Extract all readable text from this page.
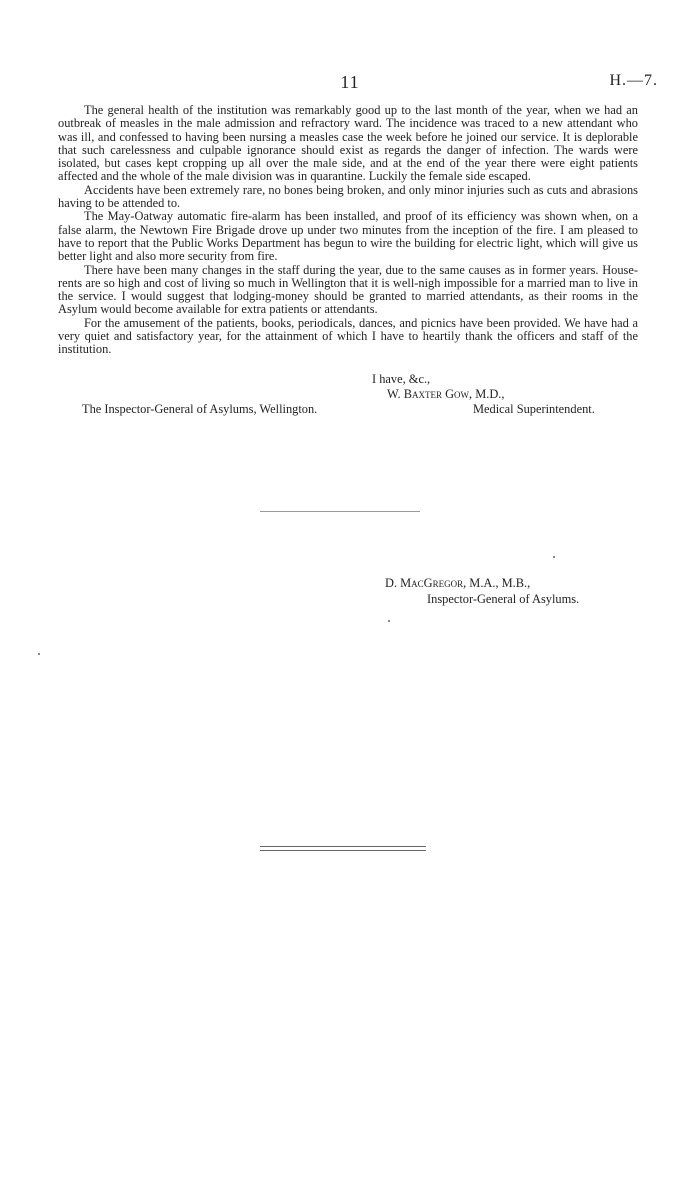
11	H.—7.

The general health of the institution was remarkably good up to the last month of the year, when we had an outbreak of measles in the male admission and refractory ward. The incidence was traced to a new attendant who was ill, and confessed to having been nursing a measles case the week before he joined our service. It is deplorable that such carelessness and culpable ignorance should exist as regards the danger of infection. The wards were isolated, but cases kept cropping up all over the male side, and at the end of the year there were eight patients affected and the whole of the male division was in quarantine. Luckily the female side escaped.

Accidents have been extremely rare, no bones being broken, and only minor injuries such as cuts and abrasions having to be attended to.

The May-Oatway automatic fire-alarm has been installed, and proof of its efficiency was shown when, on a false alarm, the Newtown Fire Brigade drove up under two minutes from the inception of the fire. I am pleased to have to report that the Public Works Department has begun to wire the building for electric light, which will give us better light and also more security from fire.

There have been many changes in the staff during the year, due to the same causes as in former years. House-rents are so high and cost of living so much in Wellington that it is well-nigh impossible for a married man to live in the service. I would suggest that lodging-money should be granted to married attendants, as their rooms in the Asylum would become available for extra patients or attendants.

For the amusement of the patients, books, periodicals, dances, and picnics have been provided. We have had a very quiet and satisfactory year, for the attainment of which I have to heartily thank the officers and staff of the institution.

I have, &c.,
W. Baxter Gow, M.D.,
Medical Superintendent.
The Inspector-General of Asylums, Wellington.
D. MacGregor, M.A., M.B.,
Inspector-General of Asylums.
